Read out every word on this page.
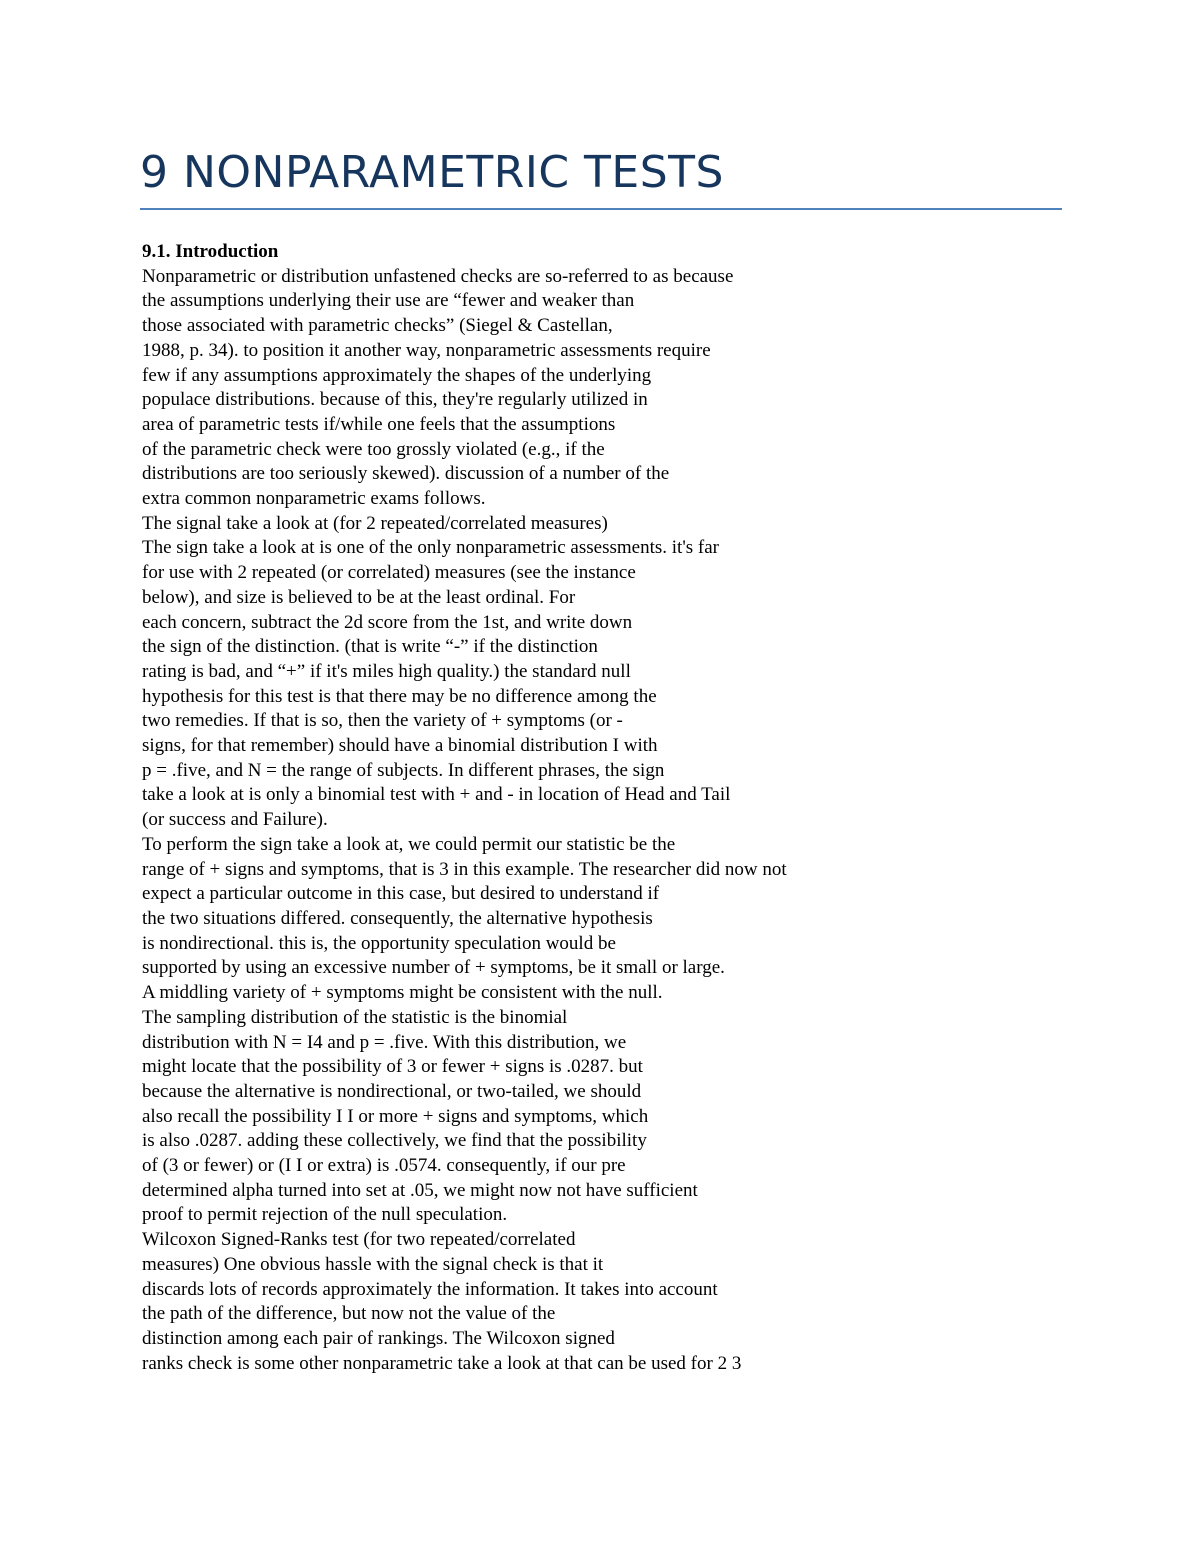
9 NONPARAMETRIC TESTS
9.1. Introduction

Nonparametric or distribution unfastened checks are so-referred to as because

the assumptions underlying their use are “fewer and weaker than

those associated with parametric checks” (Siegel & Castellan,

1988, p. 34). to position it another way, nonparametric assessments require

few if any assumptions approximately the shapes of the underlying

populace distributions. because of this, they're regularly utilized in

area of parametric tests if/while one feels that the assumptions

of the parametric check were too grossly violated (e.g., if the

distributions are too seriously skewed). discussion of a number of the

extra common nonparametric exams follows.

The signal take a look at (for 2 repeated/correlated measures)

The sign take a look at is one of the only nonparametric assessments. it's far

for use with 2 repeated (or correlated) measures (see the instance

below), and size is believed to be at the least ordinal. For

each concern, subtract the 2d score from the 1st, and write down

the sign of the distinction. (that is write “-” if the distinction

rating is bad, and “+” if it's miles high quality.) the standard null

hypothesis for this test is that there may be no difference among the

two remedies. If that is so, then the variety of + symptoms (or -

signs, for that remember) should have a binomial distribution I with

p = .five, and N = the range of subjects. In different phrases, the sign

take a look at is only a binomial test with + and - in location of Head and Tail

(or success and Failure).

To perform the sign take a look at, we could permit our statistic be the

range of + signs and symptoms, that is 3 in this example. The researcher did now not

expect a particular outcome in this case, but desired to understand if

the two situations differed. consequently, the alternative hypothesis

is nondirectional. this is, the opportunity speculation would be

supported by using an excessive number of + symptoms, be it small or large.

A middling variety of + symptoms might be consistent with the null.

The sampling distribution of the statistic is the binomial

distribution with N = I4 and p = .five. With this distribution, we

might locate that the possibility of 3 or fewer + signs is .0287. but

because the alternative is nondirectional, or two-tailed, we should

also recall the possibility I I or more + signs and symptoms, which

is also .0287. adding these collectively, we find that the possibility

of (3 or fewer) or (I I or extra) is .0574. consequently, if our pre

determined alpha turned into set at .05, we might now not have sufficient

proof to permit rejection of the null speculation.

Wilcoxon Signed-Ranks test (for two repeated/correlated

measures) One obvious hassle with the signal check is that it

discards lots of records approximately the information. It takes into account

the path of the difference, but now not the value of the

distinction among each pair of rankings. The Wilcoxon signed

ranks check is some other nonparametric take a look at that can be used for 2 3
